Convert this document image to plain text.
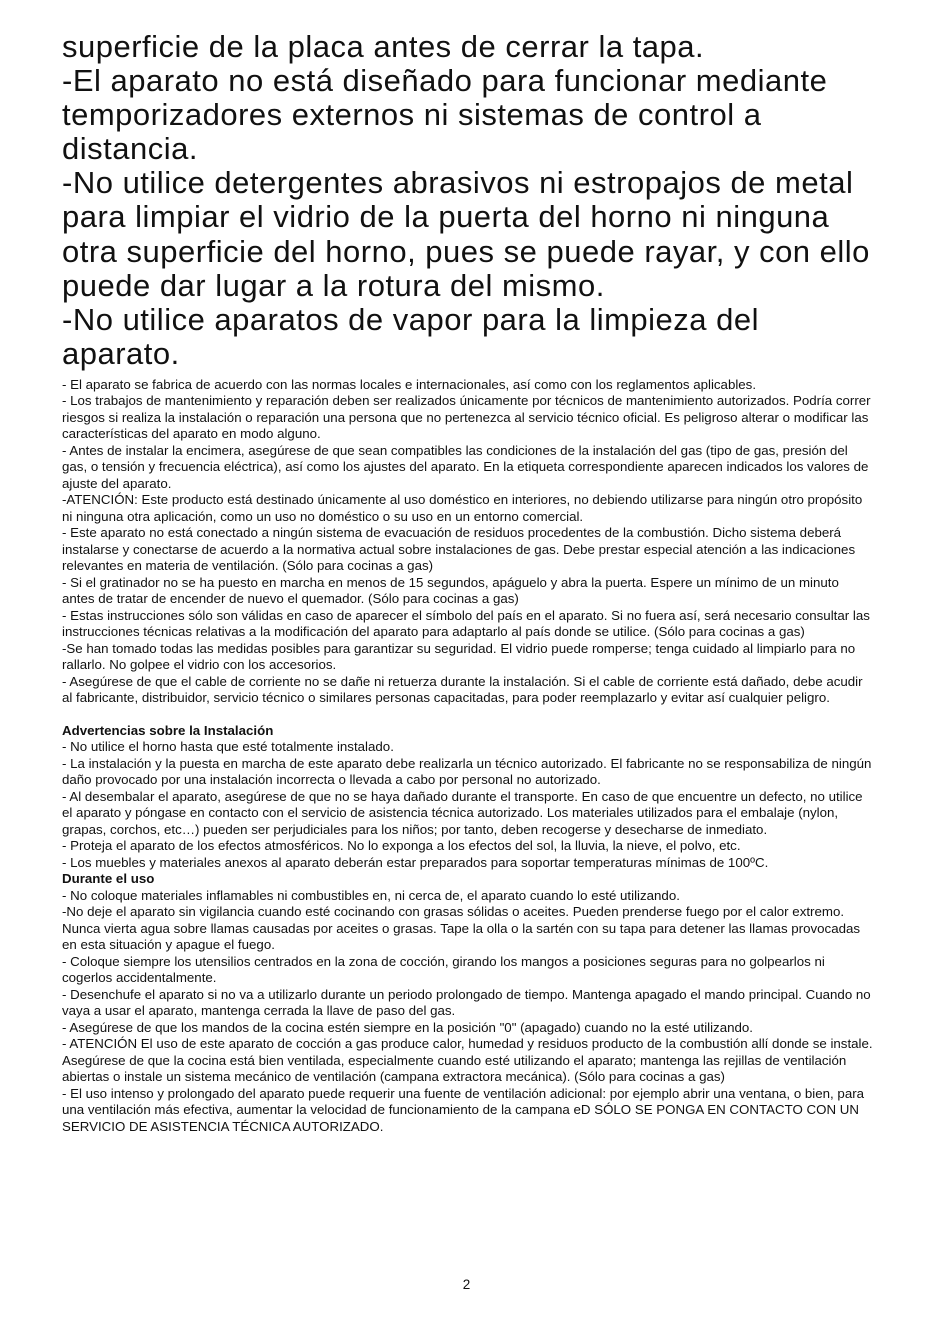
superficie de la placa antes de cerrar la tapa.

-El aparato no está diseñado para funcionar mediante temporizadores externos ni sistemas de control a distancia.

-No utilice detergentes abrasivos ni estropajos de metal para limpiar el vidrio de la puerta del horno ni ninguna otra superficie del horno, pues se puede rayar, y con ello puede dar lugar a la rotura del mismo.

-No utilice aparatos de vapor para la limpieza del aparato.

- El aparato se fabrica de acuerdo con las normas locales e internacionales, así como con los reglamentos aplicables.

- Los trabajos de mantenimiento y reparación deben ser realizados únicamente por técnicos de mantenimiento autorizados. Podría correr riesgos si realiza la instalación o reparación una persona que no pertenezca al servicio técnico oficial. Es peligroso alterar o modificar las características del aparato en modo alguno.

- Antes de instalar la encimera, asegúrese de que sean compatibles las condiciones de la instalación del gas (tipo de gas, presión del gas, o tensión y frecuencia eléctrica), así como los ajustes del aparato. En la etiqueta correspondiente aparecen indicados los valores de ajuste del aparato.

-ATENCIÓN: Este producto está destinado únicamente al uso doméstico en interiores, no debiendo utilizarse para ningún otro propósito ni ninguna otra aplicación, como un uso no doméstico o su uso en un entorno comercial.

- Este aparato no está conectado a ningún sistema de evacuación de residuos procedentes de la combustión. Dicho sistema deberá instalarse y conectarse de acuerdo a la normativa actual sobre instalaciones de gas. Debe prestar especial atención a las indicaciones relevantes en materia de ventilación. (Sólo para cocinas a gas)

- Si el gratinador no se ha puesto en marcha en menos de 15 segundos, apáguelo y abra la puerta. Espere un mínimo de un minuto antes de tratar de encender de nuevo el quemador. (Sólo para cocinas a gas)

- Estas instrucciones sólo son válidas en caso de aparecer el símbolo del país en el aparato. Si no fuera así, será necesario consultar las instrucciones técnicas relativas a la modificación del aparato para adaptarlo al país donde se utilice. (Sólo para cocinas a gas)

-Se han tomado todas las medidas posibles para garantizar su seguridad. El vidrio puede romperse; tenga cuidado al limpiarlo para no rallarlo. No golpee el vidrio con los accesorios.

- Asegúrese de que el cable de corriente no se dañe ni retuerza durante la instalación. Si el cable de corriente está dañado, debe acudir al fabricante, distribuidor, servicio técnico o similares personas capacitadas, para poder reemplazarlo y evitar así cualquier peligro.

Advertencias sobre la Instalación

- No utilice el horno hasta que esté totalmente instalado.

- La instalación y la puesta en marcha de este aparato debe realizarla un técnico autorizado. El fabricante no se responsabiliza de ningún daño provocado por una instalación incorrecta o llevada a cabo por personal no autorizado.

- Al desembalar el aparato, asegúrese de que no se haya dañado durante el transporte. En caso de que encuentre un defecto, no utilice el aparato y póngase en contacto con el servicio de asistencia técnica autorizado. Los materiales utilizados para el embalaje (nylon, grapas, corchos, etc…) pueden ser perjudiciales para los niños; por tanto, deben recogerse y desecharse de inmediato.

- Proteja el aparato de los efectos atmosféricos. No lo exponga a los efectos del sol, la lluvia, la nieve, el polvo, etc.

- Los muebles y materiales anexos al aparato deberán estar preparados para soportar temperaturas mínimas de 100ºC.

Durante el uso

- No coloque materiales inflamables ni combustibles en, ni cerca de, el aparato cuando lo esté utilizando.

-No deje el aparato sin vigilancia cuando esté cocinando con grasas sólidas o aceites. Pueden prenderse fuego por el calor extremo. Nunca vierta agua sobre llamas causadas por aceites o grasas. Tape la olla o la sartén con su tapa para detener las llamas provocadas en esta situación y apague el fuego.

- Coloque siempre los utensilios centrados en la zona de cocción, girando los mangos a posiciones seguras para no golpearlos ni cogerlos accidentalmente.

- Desenchufe el aparato si no va a utilizarlo durante un periodo prolongado de tiempo. Mantenga apagado el mando principal. Cuando no vaya a usar el aparato, mantenga cerrada la llave de paso del gas.

- Asegúrese de que los mandos de la cocina estén siempre en la posición "0" (apagado) cuando no la esté utilizando.

- ATENCIÓN El uso de este aparato de cocción a gas produce calor, humedad y residuos producto de la combustión allí donde se instale. Asegúrese de que la cocina está bien ventilada, especialmente cuando esté utilizando el aparato; mantenga las rejillas de ventilación abiertas o instale un sistema mecánico de ventilación (campana extractora mecánica). (Sólo para cocinas a gas)

- El uso intenso y prolongado del aparato puede requerir una fuente de ventilación adicional: por ejemplo abrir una ventana, o bien, para una ventilación más efectiva, aumentar la velocidad de funcionamiento de la campana eD SÓLO SE PONGA EN CONTACTO CON UN SERVICIO DE ASISTENCIA TÉCNICA AUTORIZADO.

2
